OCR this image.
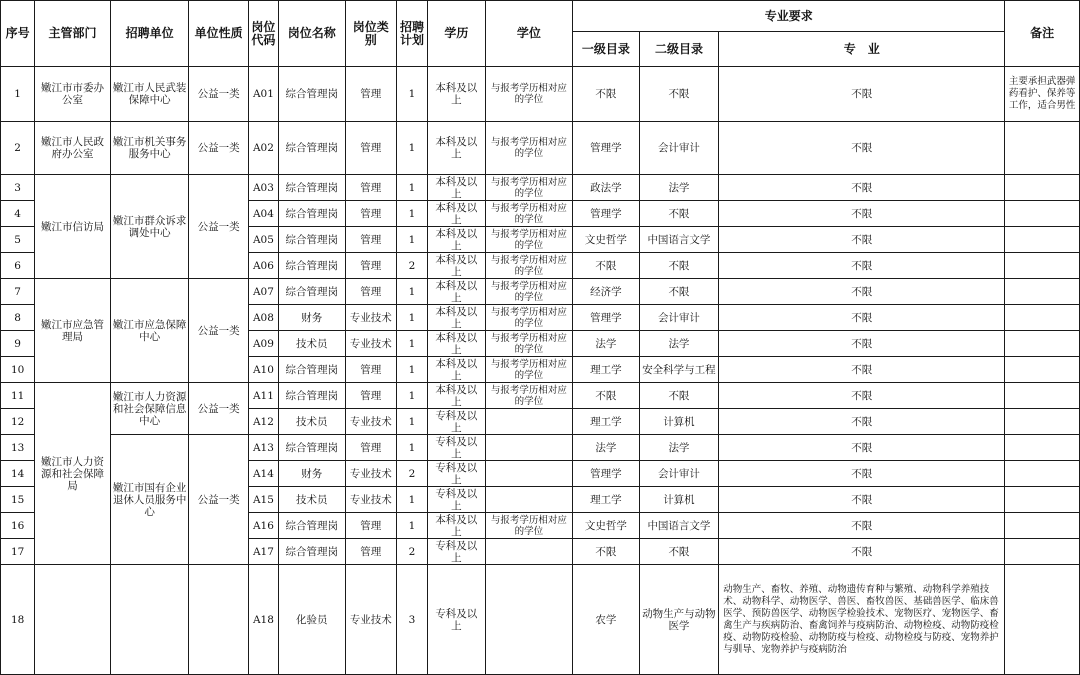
序号	主管部门	招聘单位	单位性质	岗位代码	岗位名称	岗位类别	招聘计划	学历	学位	专业要求			备注
										一级目录	二级目录	专　业	
1	嫩江市市委办公室	嫩江市人民武装保障中心	公益一类	A01	综合管理岗	管理	1	本科及以上	与报考学历相对应的学位	不限	不限	不限	主要承担武器弹药看护、保养等工作，适合男性
2	嫩江市人民政府办公室	嫩江市机关事务服务中心	公益一类	A02	综合管理岗	管理	1	本科及以上	与报考学历相对应的学位	管理学	会计审计	不限	
3	嫩江市信访局	嫩江市群众诉求调处中心	公益一类	A03	综合管理岗	管理	1	本科及以上	与报考学历相对应的学位	政法学	法学	不限	
4				A04	综合管理岗	管理	1	本科及以上	与报考学历相对应的学位	管理学	不限	不限	
5				A05	综合管理岗	管理	1	本科及以上	与报考学历相对应的学位	文史哲学	中国语言文学	不限	
6				A06	综合管理岗	管理	2	本科及以上	与报考学历相对应的学位	不限	不限	不限	
7	嫩江市应急管理局	嫩江市应急保障中心	公益一类	A07	综合管理岗	管理	1	本科及以上	与报考学历相对应的学位	经济学	不限	不限	
8				A08	财务	专业技术	1	本科及以上	与报考学历相对应的学位	管理学	会计审计	不限	
9				A09	技术员	专业技术	1	本科及以上	与报考学历相对应的学位	法学	法学	不限	
10				A10	综合管理岗	管理	1	本科及以上	与报考学历相对应的学位	理工学	安全科学与工程	不限	
11	嫩江市人力资源和社会保障局	嫩江市人力资源和社会保障信息中心	公益一类	A11	综合管理岗	管理	1	本科及以上	与报考学历相对应的学位	不限	不限	不限	
12				A12	技术员	专业技术	1	专科及以上		理工学	计算机	不限	
13		嫩江市国有企业退休人员服务中心	公益一类	A13	综合管理岗	管理	1	专科及以上		法学	法学	不限	
14				A14	财务	专业技术	2	专科及以上		管理学	会计审计	不限	
15				A15	技术员	专业技术	1	专科及以上		理工学	计算机	不限	
16				A16	综合管理岗	管理	1	本科及以上	与报考学历相对应的学位	文史哲学	中国语言文学	不限	
17				A17	综合管理岗	管理	2	专科及以上		不限	不限	不限	
18				A18	化验员	专业技术	3	专科及以上		农学	动物生产与动物医学	动物生产、畜牧、养殖、动物遗传育种与繁殖、动物科学养殖技术、动物科学、动物医学、兽医、畜牧兽医、基础兽医学、临床兽医学、预防兽医学、动物医学检验技术、宠物医疗、宠物医学、畜禽生产与疾病防治、畜禽饲养与疫病防治、动物检疫、动物防疫检疫、动物防疫检验、动物防疫与检疫、动物检疫与防疫、宠物养护与驯导、宠物养护与疫病防治	
